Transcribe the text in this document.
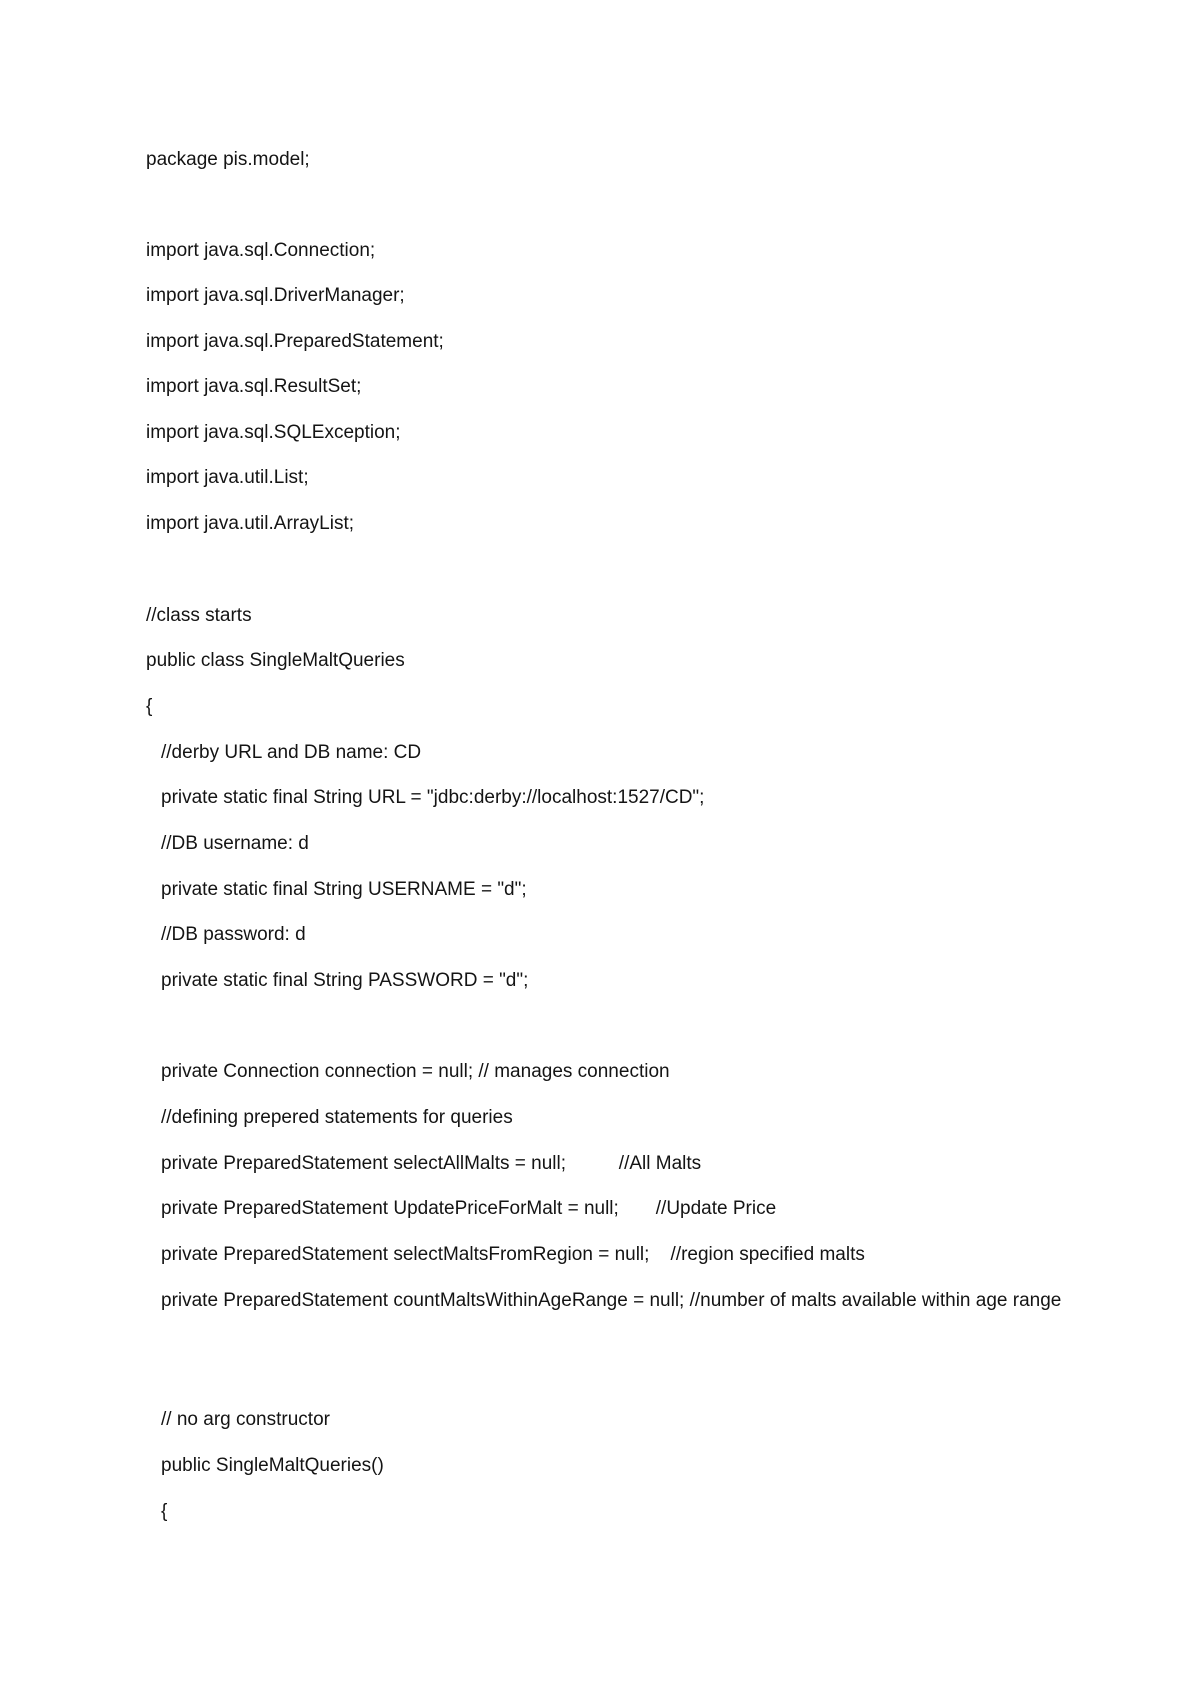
package pis.model;
import java.sql.Connection;
import java.sql.DriverManager;
import java.sql.PreparedStatement;
import java.sql.ResultSet;
import java.sql.SQLException;
import java.util.List;
import java.util.ArrayList;
//class starts
public class SingleMaltQueries
{
//derby URL and DB name: CD
private static final String URL = "jdbc:derby://localhost:1527/CD";
//DB username: d
private static final String USERNAME = "d";
//DB password: d
private static final String PASSWORD = "d";
private Connection connection = null; // manages connection
//defining prepered statements for queries
private PreparedStatement selectAllMalts = null;          //All Malts
private PreparedStatement UpdatePriceForMalt = null;       //Update Price
private PreparedStatement selectMaltsFromRegion = null;    //region specified malts
private PreparedStatement countMaltsWithinAgeRange = null; //number of malts available within age range
// no arg constructor
public SingleMaltQueries()
{
